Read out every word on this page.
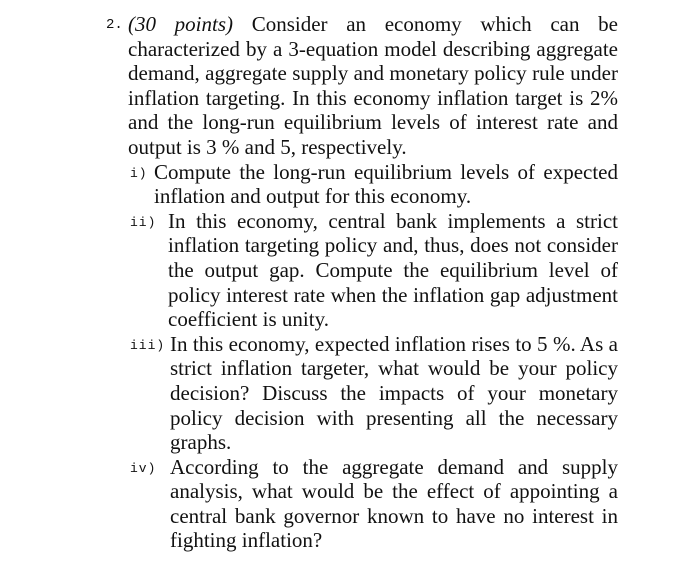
2. (30 points) Consider an economy which can be characterized by a 3-equation model describing aggregate demand, aggregate supply and monetary policy rule under inflation targeting. In this economy inflation target is 2% and the long-run equilibrium levels of interest rate and output is 3 % and 5, respectively.
i) Compute the long-run equilibrium levels of expected inflation and output for this economy.
ii) In this economy, central bank implements a strict inflation targeting policy and, thus, does not consider the output gap. Compute the equilibrium level of policy interest rate when the inflation gap adjustment coefficient is unity.
iii) In this economy, expected inflation rises to 5 %. As a strict inflation targeter, what would be your policy decision? Discuss the impacts of your monetary policy decision with presenting all the necessary graphs.
iv) According to the aggregate demand and supply analysis, what would be the effect of appointing a central bank governor known to have no interest in fighting inflation?
